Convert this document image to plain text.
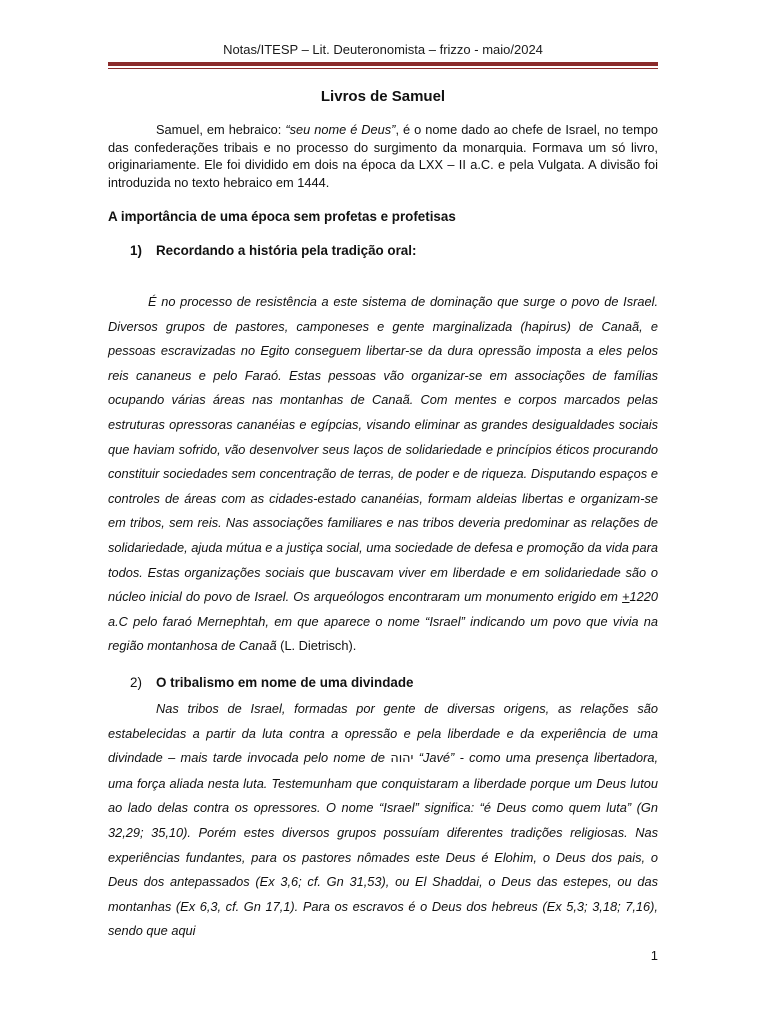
Notas/ITESP – Lit. Deuteronomista – frizzo - maio/2024
Livros de Samuel
Samuel, em hebraico: “seu nome é Deus”, é o nome dado ao chefe de Israel, no tempo das confederações tribais e no processo do surgimento da monarquia. Formava um só livro, originariamente. Ele foi dividido em dois na época da LXX – II a.C. e pela Vulgata. A divisão foi introduzida no texto hebraico em 1444.
A importância de uma época sem profetas e profetisas
1) Recordando a história pela tradição oral:
É no processo de resistência a este sistema de dominação que surge o povo de Israel. Diversos grupos de pastores, camponeses e gente marginalizada (hapirus) de Canaã, e pessoas escravizadas no Egito conseguem libertar-se da dura opressão imposta a eles pelos reis cananeus e pelo Faraó. Estas pessoas vão organizar-se em associações de famílias ocupando várias áreas nas montanhas de Canaã. Com mentes e corpos marcados pelas estruturas opressoras cananéias e egípcias, visando eliminar as grandes desigualdades sociais que haviam sofrido, vão desenvolver seus laços de solidariedade e princípios éticos procurando constituir sociedades sem concentração de terras, de poder e de riqueza. Disputando espaços e controles de áreas com as cidades-estado cananéias, formam aldeias libertas e organizam-se em tribos, sem reis. Nas associações familiares e nas tribos deveria predominar as relações de solidariedade, ajuda mútua e a justiça social, uma sociedade de defesa e promoção da vida para todos. Estas organizações sociais que buscavam viver em liberdade e em solidariedade são o núcleo inicial do povo de Israel. Os arqueólogos encontraram um monumento erigido em +1220 a.C pelo faraó Mernephtah, em que aparece o nome “Israel” indicando um povo que vivia na região montanhosa de Canaã (L. Dietrisch).
2) O tribalismo em nome de uma divindade
Nas tribos de Israel, formadas por gente de diversas origens, as relações são estabelecidas a partir da luta contra a opressão e pela liberdade e da experiência de uma divindade – mais tarde invocada pelo nome de יהוה “Javé” - como uma presença libertadora, uma força aliada nesta luta. Testemunham que conquistaram a liberdade porque um Deus lutou ao lado delas contra os opressores. O nome “Israel” significa: “é Deus como quem luta” (Gn 32,29; 35,10). Porém estes diversos grupos possuíam diferentes tradições religiosas. Nas experiências fundantes, para os pastores nômades este Deus é Elohim, o Deus dos pais, o Deus dos antepassados (Ex 3,6; cf. Gn 31,53), ou El Shaddai, o Deus das estepes, ou das montanhas (Ex 6,3, cf. Gn 17,1). Para os escravos é o Deus dos hebreus (Ex 5,3; 3,18; 7,16), sendo que aqui
1
